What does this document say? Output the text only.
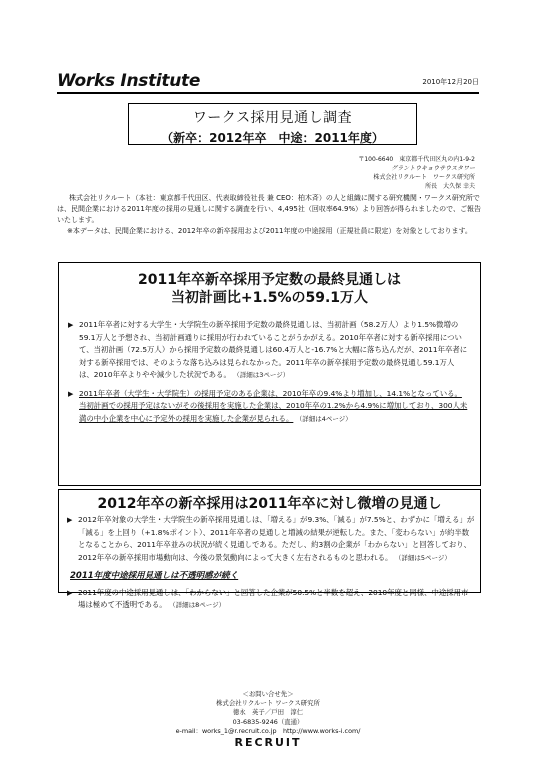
Works Institute	2010年12月20日
ワークス採用見通し調査
（新卒：2012年卒　中途：2011年度）
〒100-6640　東京都千代田区丸の内1-9-2
グラントウキョウサウスタワー
株式会社リクルート　ワークス研究所
所長　大久保 幸夫

株式会社リクルート（本社：東京都千代田区、代表取締役社長 兼 CEO：柏木斉）の人と組織に関する研究機関・ワークス研究所では、民間企業における2011年度の採用の見通しに関する調査を行い、4,495社（回収率64.9%）より回答が得られましたので、ご報告いたします。

※本データは、民間企業における、2012年卒の新卒採用および2011年度の中途採用（正規社員に限定）を対象としております。

2011年卒新卒採用予定数の最終見通しは
当初計画比+1.5%の59.1万人
▶ 2011年卒者に対する大学生・大学院生の新卒採用予定数の最終見通しは、当初計画（58.2万人）より1.5%微増の59.1万人と予想され、当初計画通りに採用が行われていることがうかがえる。2010年卒者に対する新卒採用について、当初計画（72.5万人）から採用予定数の最終見通しは60.4万人と-16.7%と大幅に落ち込んだが、2011年卒者に対する新卒採用では、そのような落ち込みは見られなかった。2011年卒の新卒採用予定数の最終見通し59.1万人は、2010年卒よりやや減少した状況である。 （詳細は3ページ）
▶ 2011年卒者（大学生・大学院生）の採用予定のある企業は、2010年卒の9.4%より増加し、14.1%となっている。当初計画での採用予定はないがその後採用を実施した企業は、2010年卒の1.2%から4.9%に増加しており、300人未満の中小企業を中心に予定外の採用を実施した企業が見られる。 （詳細は4ページ）
2012年卒の新卒採用は2011年卒に対し微増の見通し
▶ 2012年卒対象の大学生・大学院生の新卒採用見通しは、「増える」が9.3%、「減る」が7.5%と、わずかに「増える」が「減る」を上回り（+1.8%ポイント）、2011年卒者の見通しと増減の結果が逆転した。また、「変わらない」が約半数となることから、2011年卒並みの状況が続く見通しである。ただし、約3割の企業が「わからない」と回答しており、2012年卒の新卒採用市場動向は、今後の景気動向によって大きく左右されるものと思われる。 （詳細は5ページ）
2011年度中途採用見通しは不透明感が続く
▶ 2011年度の中途採用見通しは、「わからない」と回答した企業が50.5%と半数を超え、2010年度と同様、中途採用市場は極めて不透明である。 （詳細は8ページ）
＜お問い合せ先＞
株式会社リクルート ワークス研究所
徳永　英子／戸田　淳仁
03-6835-9246（直通）
e-mail：works_1@r.recruit.co.jp　http://www.works-i.com/
RECRUIT
